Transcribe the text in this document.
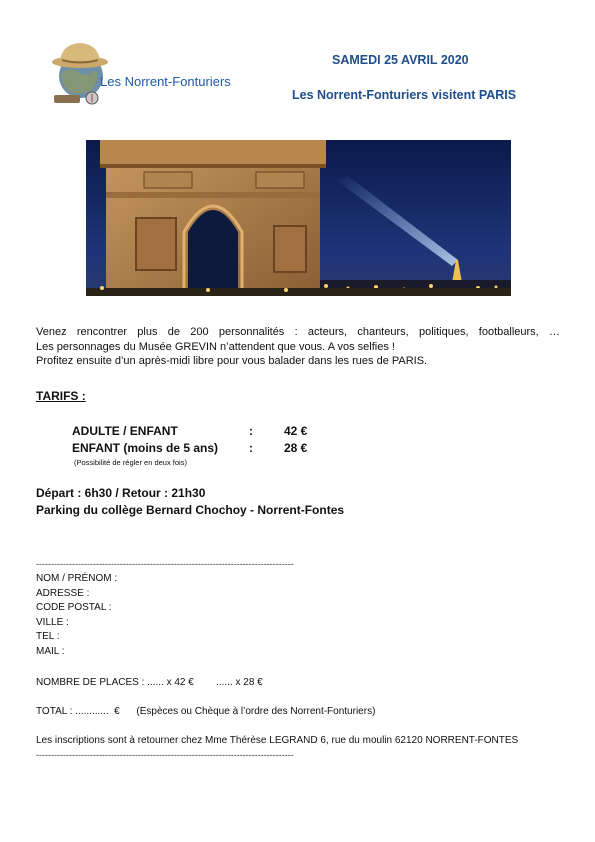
Les Norrent-Fonturiers
SAMEDI 25 AVRIL 2020
Les Norrent-Fonturiers visitent PARIS
Venez rencontrer plus de 200 personnalités : acteurs, chanteurs, politiques, footballeurs, …
Les personnages du Musée GREVIN n’attendent que vous. A vos selfies !
Profitez ensuite d’un après-midi libre pour vous balader dans les rues de PARIS.
TARIFS :
ADULTE / ENFANT	:	42 €
ENFANT (moins de 5 ans)	:	28 €
(Possibilité de régler en deux fois)
Départ : 6h30 / Retour : 21h30
Parking du collège Bernard Chochoy - Norrent-Fontes
--------------------------------------------------------------------------------------
NOM / PRÉNOM :
ADRESSE :
CODE POSTAL :
VILLE :
TEL :
MAIL :
NOMBRE DE PLACES : ...... x 42 €        ...... x 28 €
TOTAL : ............  €      (Espèces ou Chèque à l’ordre des Norrent-Fonturiers)
Les inscriptions sont à retourner chez Mme Thérèse LEGRAND 6, rue du moulin 62120 NORRENT-FONTES
--------------------------------------------------------------------------------------
